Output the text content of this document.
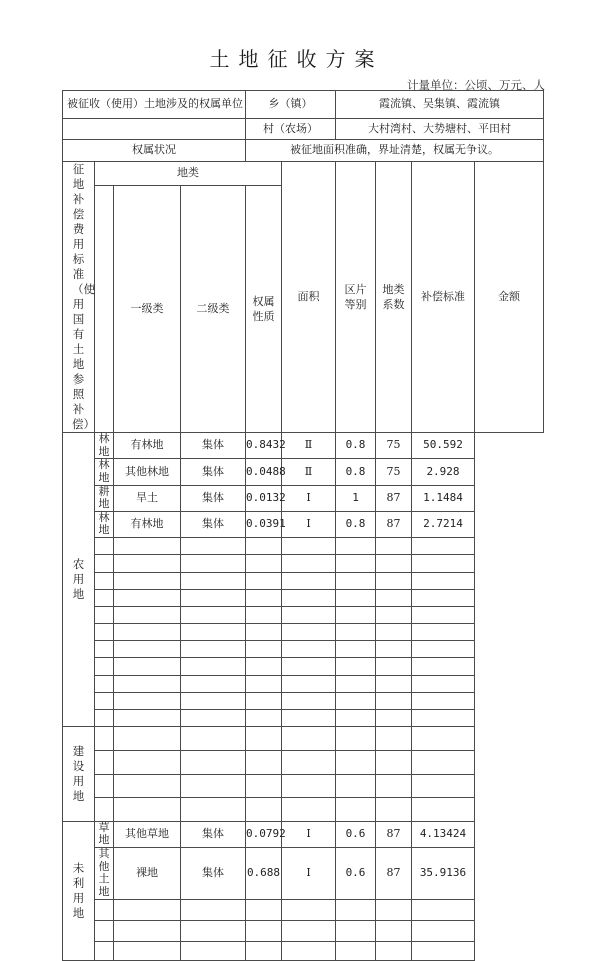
土地征收方案
计量单位：公顷、万元、人
被征收（使用）土地涉及的权属单位				乡（镇）		霞流镇、吴集镇、霞流镇			
				村（农场）		大村湾村、大势塘村、平田村			
权属状况				被征地面积准确，界址清楚，权属无争议。					

征地补偿费用标准（使用国有土地参照补偿）	地类				面积	区片等别	地类系数	补偿标准	金额
		一级类	二级类	权属性质					

农用地	林地	有林地	集体	0.8432	Ⅱ	0.8	75	50.592	
	林地	其他林地	集体	0.0488	Ⅱ	0.8	75	2.928	
	耕地	旱土	集体	0.0132	Ⅰ	1	87	1.1484	
	林地	有林地	集体	0.0391	Ⅰ	0.8	87	2.7214	

建设用地									

未利用地	草地	其他草地	集体	0.0792	Ⅰ	0.6	87	4.13424	
	其他土地	裸地	集体	0.688	Ⅰ	0.6	87	35.9136	
